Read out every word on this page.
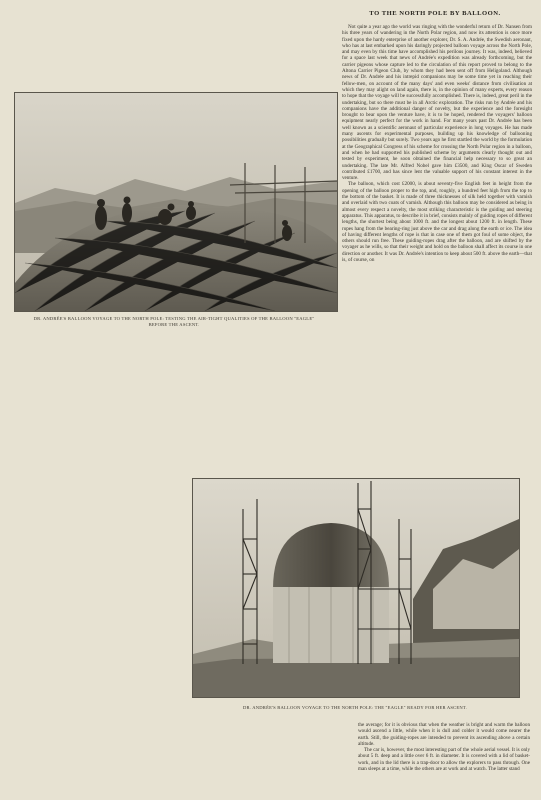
DR. ANDRÉE'S BALLOON VOYAGE TO THE NORTH POLE: TESTING THE AIR-TIGHT QUALITIES OF THE BALLOON "EAGLE" BEFORE THE ASCENT.
TO THE NORTH POLE BY BALLOON.

Not quite a year ago the world was ringing with the wonderful return of Dr. Nansen from his three years of wandering in the North Polar region, and now its attention is once more fixed upon the hardy enterprise of another explorer, Dr. S. A. Andrée, the Swedish aeronaut, who has at last embarked upon his daringly projected balloon voyage across the North Pole, and may even by this time have accomplished his perilous journey. It was, indeed, believed for a space last week that news of Andrée's expedition was already forthcoming, but the carrier pigeons whose capture led to the circulation of this report proved to belong to the Altona Carrier Pigeon Club, by whom they had been sent off from Heligoland. Although news of Dr. Andrée and his intrepid companions may be some time yet in reaching their fellow-men, on account of the many days' and even weeks' distance from civilisation at which they may alight on land again, there is, in the opinion of many experts, every reason to hope that the voyage will be successfully accomplished. There is, indeed, great peril in the undertaking, but so there must be in all Arctic exploration. The risks run by Andrée and his companions have the additional danger of novelty, but the experience and the foresight brought to bear upon the venture have, it is to be hoped, rendered the voyagers' balloon equipment nearly perfect for the work in hand. For many years past Dr. Andrée has been well known as a scientific aeronaut of particular experience in long voyages. He has made many ascents for experimental purposes, building up his knowledge of ballooning possibilities gradually but surely. Two years ago he first startled the world by the formulation at the Geographical Congress of his scheme for crossing the North Polar region in a balloon, and when he had supported his published scheme by arguments clearly thought out and tested by experiment, he soon obtained the financial help necessary to so great an undertaking. The late Mr. Alfred Nobel gave him £3500, and King Oscar of Sweden contributed £1700, and has since lent the valuable support of his constant interest in the venture.

The balloon, which cost £2000, is about seventy-five English feet in height from the opening of the balloon proper to the top, and, roughly, a hundred feet high from the top to the bottom of the basket. It is made of three thicknesses of silk held together with varnish and overlaid with two coats of varnish. Although this balloon may be considered as being in almost every respect a novelty, the most striking characteristic is the guiding and steering apparatus. This apparatus, to describe it in brief, consists mainly of guiding ropes of different lengths, the shortest being about 1000 ft. and the longest about 1200 ft. in length. These ropes hang from the bearing-ring just above the car and drag along the earth or ice. The idea of having different lengths of rope is that in case one of them got foul of some object, the others should run free. These guiding-ropes drag after the balloon, and are shifted by the voyager as he wills, so that their weight and hold on the balloon shall affect its course in one direction or another. It was Dr. Andrée's intention to keep about 500 ft. above the earth—that is, of course, on

DR. ANDRÉE'S BALLOON VOYAGE TO THE NORTH POLE: THE "EAGLE" READY FOR HER ASCENT.

the average; for it is obvious that when the weather is bright and warm the balloon would ascend a little, while when it is dull and colder it would come nearer the earth. Still, the guiding-ropes are intended to prevent its ascending above a certain altitude.

The car is, however, the most interesting part of the whole aerial vessel. It is only about 5 ft. deep and a little over 6 ft. in diameter. It is covered with a lid of basket-work, and in the lid there is a trap-door to allow the explorers to pass through. One man sleeps at a time, while the others are at work and at watch. The latter stand
